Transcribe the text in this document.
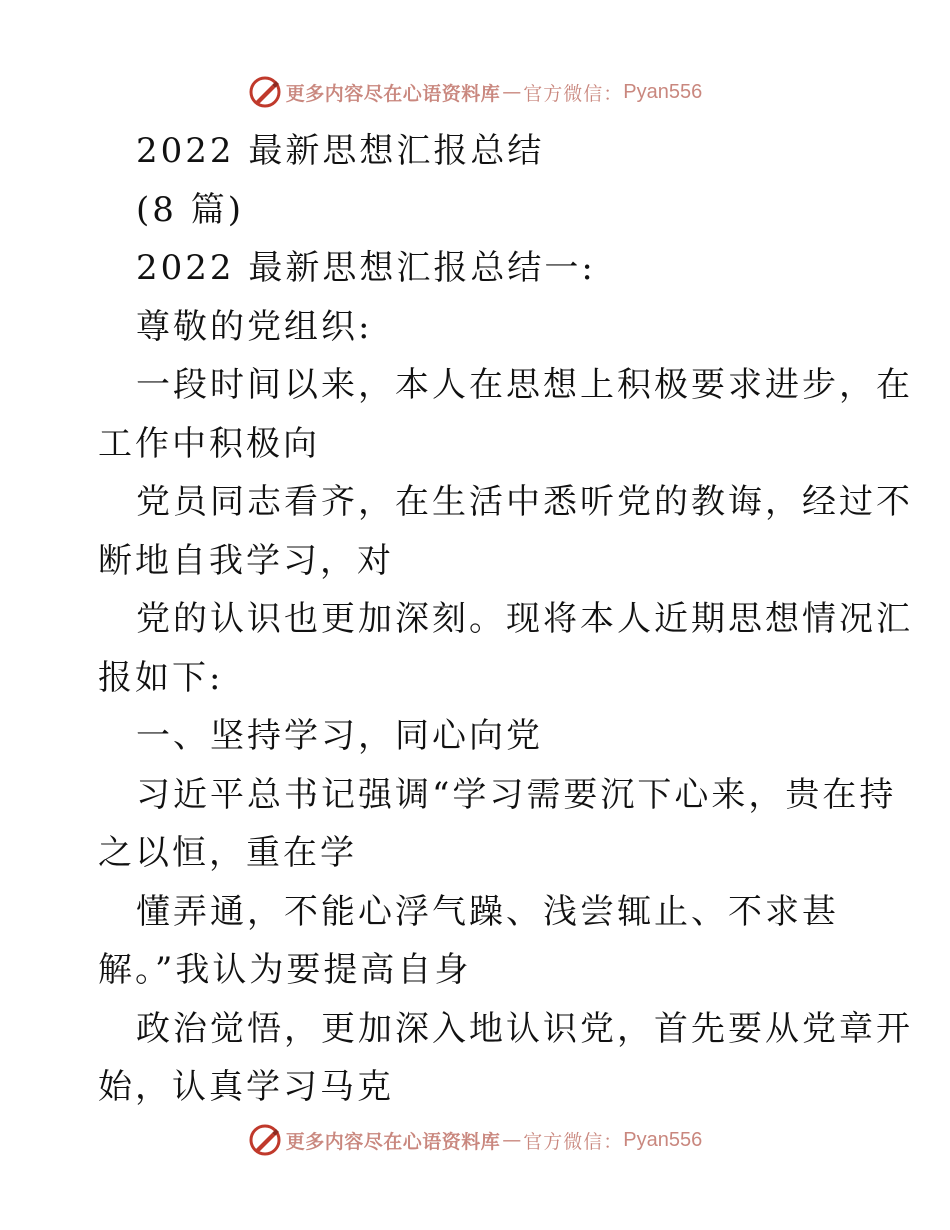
更多内容尽在心语资料库 — 官方微信： Pyan556
2022 最新思想汇报总结
(8 篇)
2022 最新思想汇报总结一:
尊敬的党组织:
一段时间以来，本人在思想上积极要求进步，在
工作中积极向
党员同志看齐，在生活中悉听党的教诲，经过不
断地自我学习，对
党的认识也更加深刻。现将本人近期思想情况汇
报如下:
一、坚持学习，同心向党
习近平总书记强调“学习需要沉下心来，贵在持
之以恒，重在学
懂弄通，不能心浮气躁、浅尝辄止、不求甚
解。”我认为要提高自身
政治觉悟，更加深入地认识党，首先要从党章开
始，认真学习马克
更多内容尽在心语资料库 — 官方微信： Pyan556
